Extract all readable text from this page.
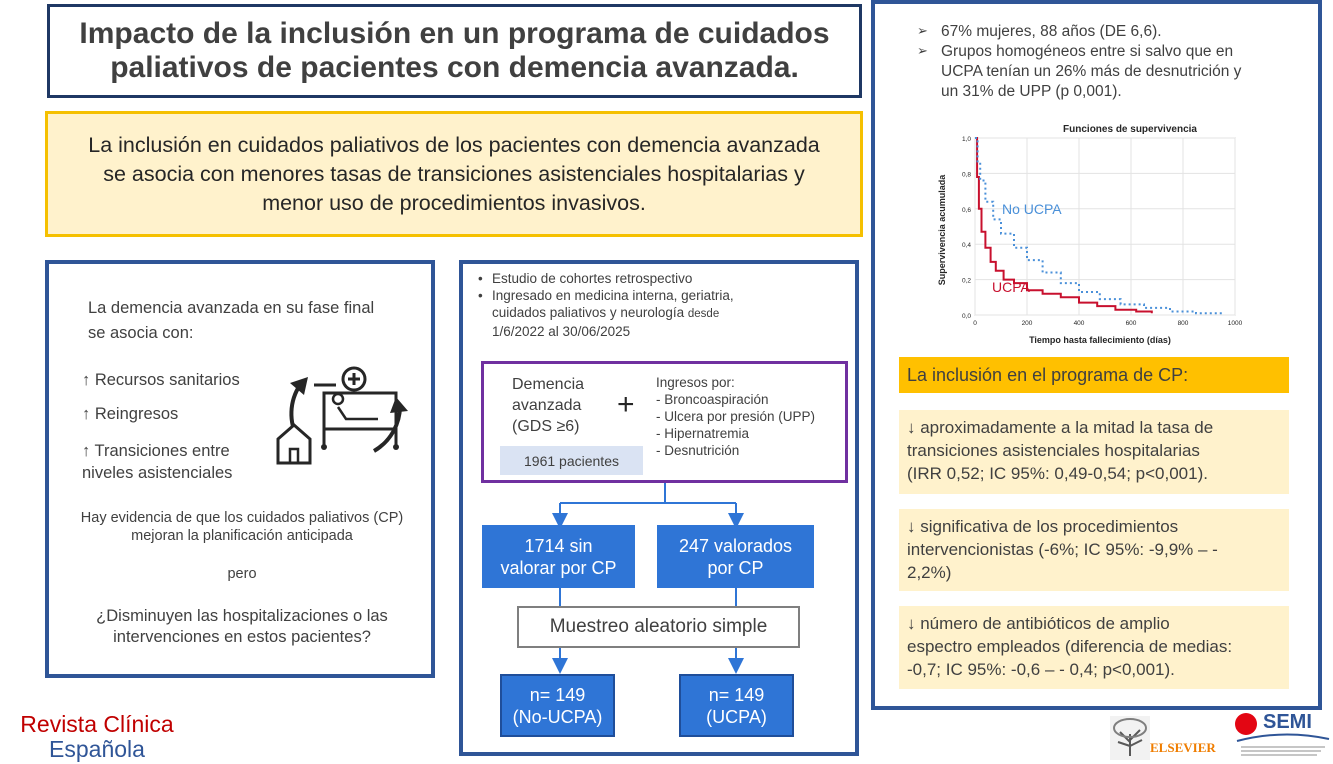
Impacto de la inclusión en un programa de cuidados
paliativos de pacientes con demencia avanzada.
La inclusión en cuidados paliativos de los pacientes con demencia avanzada
se asocia con menores tasas de transiciones asistenciales hospitalarias y
menor uso de procedimientos invasivos.
La demencia avanzada en su fase final
se asocia con:
↑ Recursos sanitarios
↑ Reingresos
↑ Transiciones entre
niveles asistenciales
Hay evidencia de que los cuidados paliativos (CP)
mejoran la planificación anticipada
pero
¿Disminuyen las hospitalizaciones o las
intervenciones en estos pacientes?
• Estudio de cohortes retrospectivo
• Ingresado en medicina interna, geriatria,
cuidados paliativos y neurología desde
1/6/2022 al 30/06/2025
Demencia
avanzada
(GDS ≥6)
+
1961 pacientes
Ingresos por:
- Broncoaspiración
- Ulcera por presión (UPP)
- Hipernatremia
- Desnutrición
1714 sin
valorar por CP
247 valorados
por CP
Muestreo aleatorio simple
n= 149
(No-UCPA)
n= 149
(UCPA)
➢ 67% mujeres, 88 años (DE 6,6).
➢ Grupos homogéneos entre si salvo que en
UCPA tenían un 26% más de desnutrición y
un 31% de UPP (p 0,001).
Funciones de supervivencia
Tiempo hasta fallecimiento (días)
Supervivencia acumulada
0,0
0,2
0,4
0,6
0,8
1,0
0	200	400	600	800	1000
No UCPA
UCPA
La inclusión en el programa de CP:
↓ aproximadamente a la mitad la tasa de
transiciones asistenciales hospitalarias
(IRR 0,52; IC 95%: 0,49-0,54; p<0,001).
↓ significativa de los procedimientos
intervencionistas (-6%; IC 95%: -9,9% – -
2,2%)
↓ número de antibióticos de amplio
espectro empleados (diferencia de medias:
-0,7; IC 95%: -0,6 – - 0,4; p<0,001).
Revista Clínica
Española	ELSEVIER
SEMI
